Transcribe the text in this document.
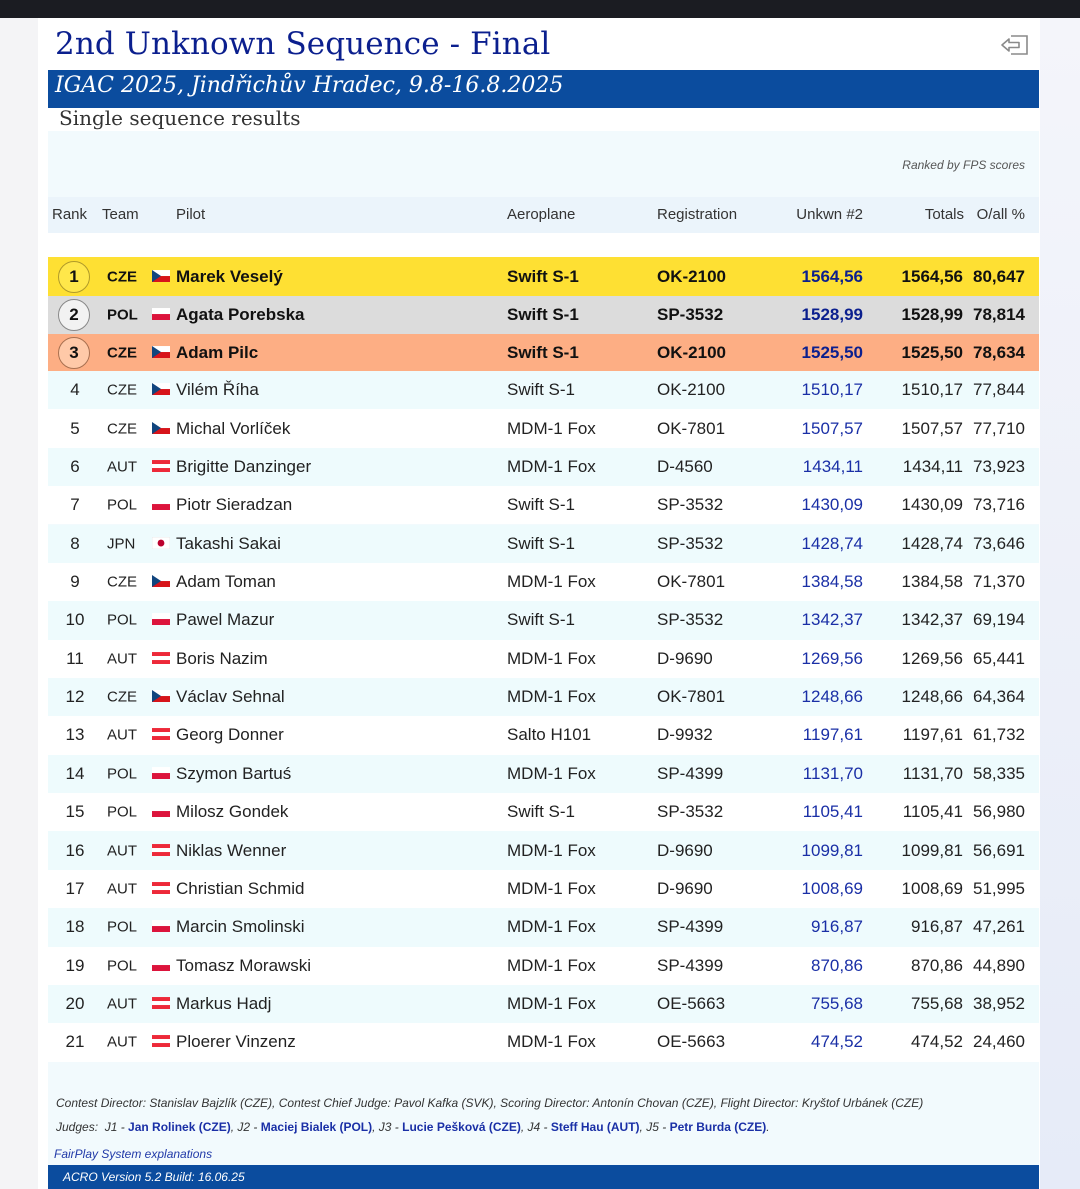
2nd Unknown Sequence - Final
IGAC 2025, Jindřichův Hradec, 9.8-16.8.2025
Single sequence results
Ranked by FPS scores
Rank Team Pilot	Aeroplane	Registration	Unkwn #2	Totals O/all %
1	CZE Marek Veselý	Swift S-1	OK-2100	1564,56 1564,56 80,647
2	POL Agata Porebska	Swift S-1	SP-3532	1528,99 1528,99 78,814
3	CZE Adam Pilc	Swift S-1	OK-2100	1525,50 1525,50 78,634
4	CZE Vilém Říha	Swift S-1	OK-2100	1510,17 1510,17 77,844
5	CZE Michal Vorlíček	MDM-1 Fox	OK-7801	1507,57 1507,57 77,710
6	AUT Brigitte Danzinger	MDM-1 Fox	D-4560	1434,11 1434,11 73,923
7	POL Piotr Sieradzan	Swift S-1	SP-3532	1430,09 1430,09 73,716
8	JPN Takashi Sakai	Swift S-1	SP-3532	1428,74 1428,74 73,646
9	CZE Adam Toman	MDM-1 Fox	OK-7801	1384,58 1384,58 71,370
10 POL Pawel Mazur	Swift S-1	SP-3532	1342,37 1342,37 69,194
11 AUT Boris Nazim	MDM-1 Fox	D-9690	1269,56 1269,56 65,441
12 CZE Václav Sehnal	MDM-1 Fox	OK-7801	1248,66 1248,66 64,364
13 AUT Georg Donner	Salto H101	D-9932	1197,61 1197,61 61,732
14 POL Szymon Bartuś	MDM-1 Fox	SP-4399	1131,70 1131,70 58,335
15 POL Milosz Gondek	Swift S-1	SP-3532	1105,41 1105,41 56,980
16 AUT Niklas Wenner	MDM-1 Fox	D-9690	1099,81 1099,81 56,691
17 AUT Christian Schmid	MDM-1 Fox	D-9690	1008,69 1008,69 51,995
18 POL Marcin Smolinski	MDM-1 Fox	SP-4399	916,87	916,87 47,261
19 POL Tomasz Morawski	MDM-1 Fox	SP-4399	870,86	870,86 44,890
20 AUT Markus Hadj	MDM-1 Fox	OE-5663	755,68	755,68 38,952
21 AUT Ploerer Vinzenz	MDM-1 Fox	OE-5663	474,52	474,52 24,460
Contest Director: Stanislav Bajzlík (CZE), Contest Chief Judge: Pavol Kafka (SVK), Scoring Director: Antonín Chovan (CZE), Flight Director: Kryštof Urbánek (CZE)
Judges: J1 - Jan Rolinek (CZE), J2 - Maciej Bialek (POL), J3 - Lucie Pešková (CZE), J4 - Steff Hau (AUT), J5 - Petr Burda (CZE).
FairPlay System explanations
ACRO Version 5.2 Build: 16.06.25
